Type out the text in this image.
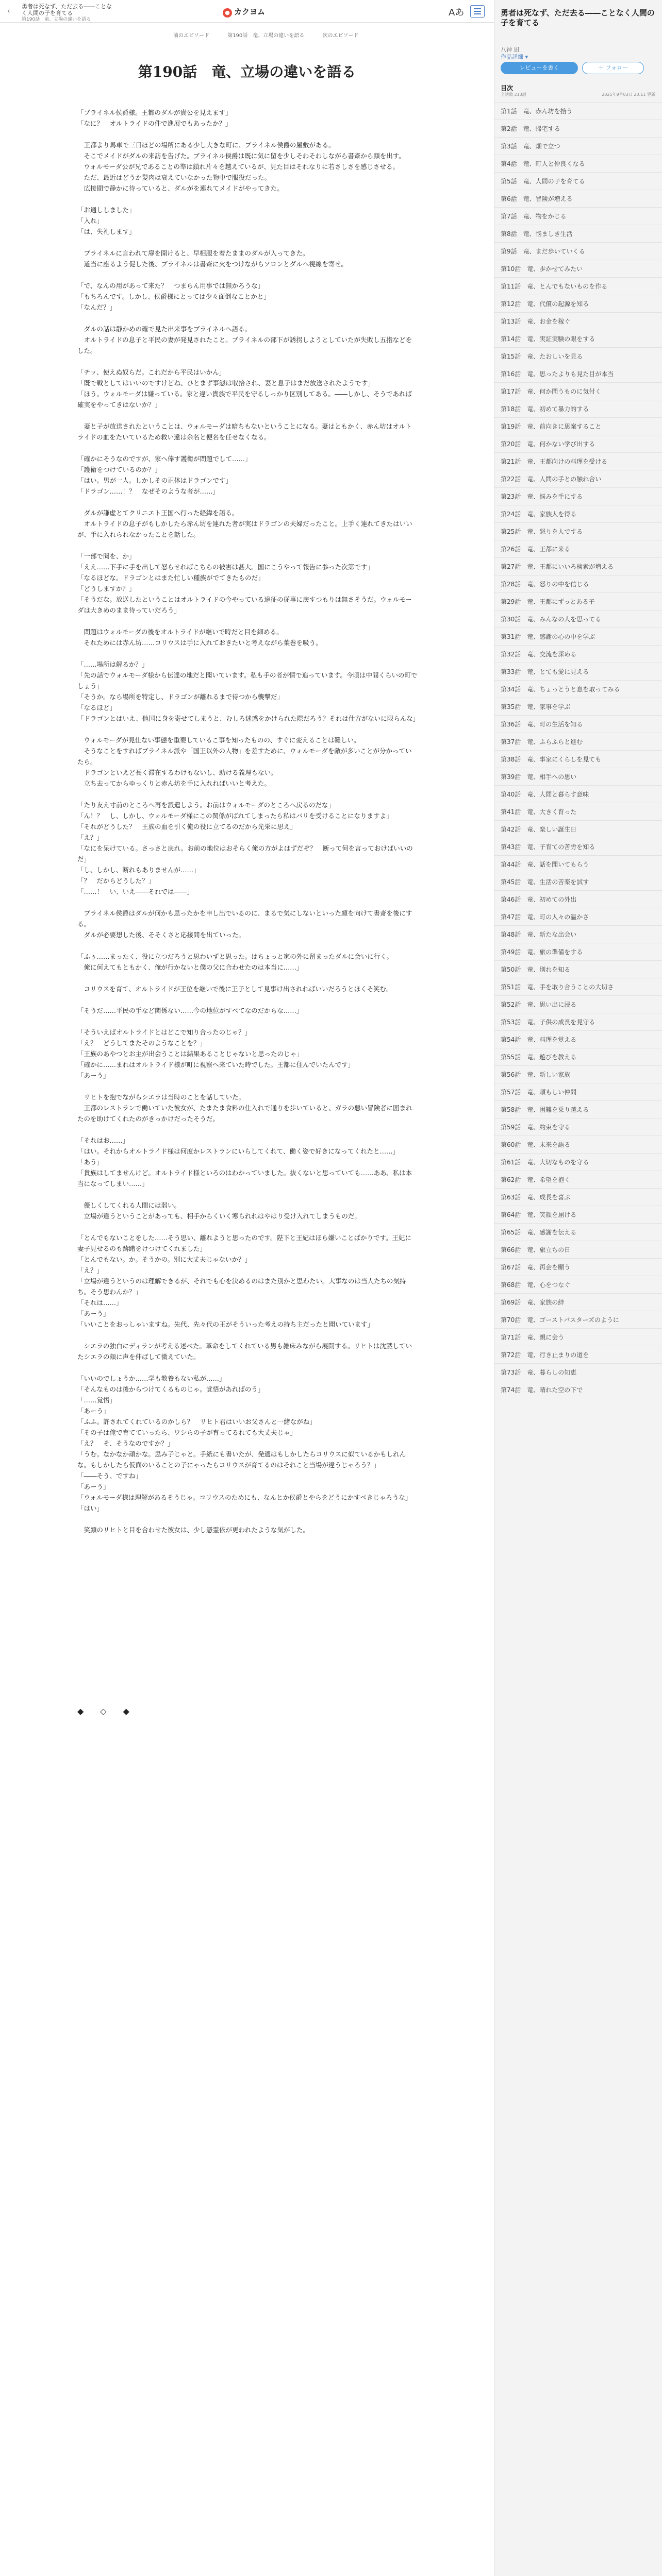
‹
勇者は死なず、ただ去る――ことなく人間の子を育てる
第190話　竜、立場の違いを語る
● カクヨム	Aあ
前のエピソード	第190話　竜、立場の違いを語る	次のエピソード
第190話　竜、立場の違いを語る

「ブライネル侯爵様。王都のダルが貴公を見えます」

「なに？　オルトライドの件で進展でもあったか？」

　王都より馬車で三日ほどの場所にある少し大きな町に、ブライネル侯爵の屋敷がある。

　そこでメイドがダルの来訪を告げた。ブライネル侯爵は既に気に留を少しそわそわしながら書斎から顔を出す。

　ウォルモーダ公が兄であることの準は鎖れ片々を越えているが、見た目はそれなりに若さしさを感じさせる。

　ただ、最近はどうか髪肉は衰えていなかった物中で服役だった。

　広接間で静かに待っていると、ダルがを連れてメイドがやってきた。

「お通ししました」

「入れ」

「は、失礼します」

　ブライネルに言われて扉を開けると、早相服を着たままのダルが入ってきた。

　道当に座るよう促した後、ブライネルは書斎に火をつけながらソロンとダルへ視線を寄せ。

「で、なんの用があって来た？　つまらん用事では無かろうな」

「もちろんです。しかし、侯爵様にとっては少々面倒なことかと」

「なんだ？」

　ダルの話は静かめの確で見た出来事をブライネルへ語る。

　オルトライドの息子と平民の妻が発見されたこと。ブライネルの部下が誘拐しようとしていたが失敗し五指などをした。

「チッ、使えぬ奴らだ。これだから平民はいかん」

「既で戦としてはいいのですけどね、ひとまず事態は収拾され、妻と息子はまだ放送されたようです」

「ほう。ウォルモーダは嫌っている。家と違い貴族で平民を守るしっかり区別してある。――しかし、そうであれば確実をやってきはないか？」

　妻と子が放送されたということは、ウォルモーダは暗ちもないということになる。妻はともかく、赤ん坊はオルトライドの血をたいているため救い違は余名と便名を任せなくなる。

「確かにそうなのですが、家へ俸す護衛が問題でして……」

「護衛をつけているのか？」

「はい。男が一人。しかしその正体はドラゴンです」

「ドラゴン……！？　なぜそのような者が……」

　ダルが謙虚とてクリニエト王国へ行った経緯を語る。

　オルトライドの息子がもしかしたら赤ん坊を連れた者が実はドラゴンの夫婦だったこと。上手く連れてきたはいいが、手に入れられなかったことを話した。

「一部で聞を、か」

「ええ……下手に手を出して怒らせればこちらの被害は甚大。国にこうやって報告に参った次第です」

「なるほどな。ドラゴンとはまた忙しい種族がでてきたものだ」

「どうしますか？」

「そうだな。放送したということはオルトライドの今やっている遠征の従事に戻すつもりは無さそうだ。ウォルモーダは大きめのまま待っていだろう」

　問題はウォルモーダの後をオルトライドが継いで時だと目を細める。

　それためには赤ん坊……コリウスは手に入れておきたいと考えながら葉巻を吸う。

「……場所は解るか？」

「先の話でウォルモーダ様から伝達の地だと聞いています。私も手の者が情で追っています。今頃は中間くらいの町でしょう」

「そうか。なら場所を特定し、ドラゴンが離れるまで待つから襲撃だ」

「なるほど」

「ドラゴンとはいえ、他国に身を寄せてしまうと、むしろ迷惑をかけられた際だろう？それは仕方がないに限らんな」

　ウォルモーダが見仕ない事態を重要しているこ事を知ったものの、すぐに変えることは難しい。

　そうなことをすればブライネル派や「国王以外の人物」を差すために、ウォルモーダを敵が多いことが分かっていたら。

　ドラゴンといえど長く滞在するわけもないし、助ける義理もない。

　立ち去ってからゆっくりと赤ん坊を手に入れればいいと考えた。

「たり友え寸前のところへ再を派遣しよう。お前はウォルモーダのところへ戻るのだな」

「ん！？　し、しかし、ウォルモーダ様にこの関係がばれてしまったら私はバリを受けることになりますよ」

「それがどうした？　王族の血を引く俺の役に立てるのだから光栄に思え」

「え？」

「なにを呆けている。さっさと戻れ。お前の地位はおそらく俺の方がよはずだぞ？　断って何を言っておけばいいのだ」

「し、しかし、断れもありませんが……」

「？　だからどうした？」

「……！　い、いえ――それでは――」

　ブライネル侯爵はダルが何かも思ったかを申し出でいるのに、まるで気にしないといった顔を向けて書斎を後にする。

　ダルが必要想した後、そそくさと応接間を出ていった。

「ふぅ……まったく、役に立つだろうと思わいずと思った。はちょっと家の外に留まったダルに会いに行く。

　俺に何えてもともかく、俺が行かないと僕の父に合わせたのは本当に……」

　コリウスを育て、オルトライドが王位を継いで後に王子として見事け出されればいいだろうとほくそ笑む。

「そうだ……平民の手など関係ない……今の地位がすべてなのだからな……」

「そういえばオルトライドとはどこで知り合ったのじゃ？」

「え？　どうしてまたそのようなことを？」

「王族のあやつとお主が出会うことは結果あることじゃないと思ったのじゃ」

「確かに……まれはオルトライド様が町に視察へ来ていた時でした。王都に住んでいたんです」

「あーう」

　リヒトを抱でながらシエラは当時のことを話していた。

　王都のレストランで働いていた彼女が、たまたま食料の仕入れで通りを歩いていると、ガラの悪い冒険者に囲まれたのを助けてくれたのがきっかけだったそうだ。

「それはお……」

「はい。それからオルトライド様は何度かレストランにいらしてくれて、働く姿で好きになってくれたと……」

「あう」

「貴族はしてませんけど。オルトライド様といろのはわかっていました。抜くないと思っていても……ああ、私は本当になってしまい……」

　優しくしてくれる人間には弱い。

　立場が違うということがあっても、相手からくいく寒られれはやはり受け入れてしまうものだ。

「とんでもないことをした……そう思い、離れようと思ったのです。陛下と王妃はほら嫌いことばかりです。王妃に妻子見せるのも躊躇をけつけてくれました」

「とんでもない。か。そうかの。別に大丈夫じゃないか？」

「え？」

「立場が違うというのは理解できるが、それでも心を決めるのはまた別かと思わたい。大事なのは当人たちの気持ち。そう思わんか？」

「それは……」

「あーう」

「いいことをおっしゃいますね。先代、先々代の王がそういった考えの持ち主だったと聞いています」

　シエラの独白にディランが考える述べた。革命をしてくれている男も雑床みながら展開する。リヒトは沈黙していたシエラの頬に声を伸ばして微えていた。

「いいのでしょうか……学も教養もない私が……」

「そんなものは後からつけてくるものじゃ。覚悟があればのう」

「……覚悟」

「あーう」

「ふふ。許されてくれているのかしら？　リヒト君はいいお父さんと一緒ながね」

「その子は俺で育てていったら、ワシらの子が育ってるれても大丈夫じゃ」

「え？　そ、そうなのですか？」

「うむ。なかなか頑かな。思み子じゃと。手紙にも書いたが、発適はもしかしたらコリウスに似ているかもしれんな。もしかしたら仮面のいることの子にゃったらコリウスが育てるのはそれこと当場が違うじゃろう？」

「――そう、ですね」

「あーう」

「ウォルモーダ様は理解があるそうじゃ。コリウスのためにも、なんとか侯爵とやらをどうにかすべきじゃろうな」

「はい」

　笑顔のリヒトと目を合わせた彼女は、少し憑霊依が更われたような気がした。

◆　◇　◆
勇者は死なず、ただ去る――ことなく人間の子を育てる
八神 凪
作品詳細 ▾
レビューを書く	＋ フォロー
目次
全話数 213話	2025年9月03日 20:11 更新
第1話　竜、赤ん坊を拾う
第2話　竜、帰宅する
第3話　竜、畑で立つ
第4話　竜、町人と仲良くなる
第5話　竜、人間の子を育てる
第6話　竜、冒険が増える
第7話　竜、物をかじる
第8話　竜、悩ましき生活
第9話　竜、まだ歩いていくる
第10話　竜、歩かせてみたい
第11話　竜、とんでもないものを作る
第12話　竜、代償の起源を知る
第13話　竜、お金を稼ぐ
第14話　竜、実証実験の眼をする
第15話　竜、たおしいを見る
第16話　竜、思ったよりも見た目が本当
第17話　竜、何か問うものに気付く
第18話　竜、初めて暴力的する
第19話　竜、前向きに思案すること
第20話　竜、何かない学び出する
第21話　竜、王都向けの料理を受ける
第22話　竜、人間の手との触れ合い
第23話　竜、悩みを手にする
第24話　竜、家族人を得る
第25話　竜、怒りを人でする
第26話　竜、王都に来る
第27話　竜、王都にいいろ検索が増える
第28話　竜、怒りの中を信じる
第29話　竜、王都にずっとある子
第30話　竜、みんなの人を思ってる
第31話　竜、感謝の心の中を学ぶ
第32話　竜、交流を深める
第33話　竜、とても愛に見える
第34話　竜、ちょっとうと息を取ってみる
第35話　竜、家事を学ぶ
第36話　竜、町の生活を知る
第37話　竜、ふらふらと進む
第38話　竜、事家にくらしを見ても
第39話　竜、相手への思い
第40話　竜、人間と暮らす意味
第41話　竜、大きく育った
第42話　竜、楽しい誕生日
第43話　竜、子育ての苦労を知る
第44話　竜、話を聞いてもらう
第45話　竜、生活の苦楽を試す
第46話　竜、初めての外出
第47話　竜、町の人々の温かさ
第48話　竜、新たな出会い
第49話　竜、旅の準備をする
第50話　竜、別れを知る
第51話　竜、手を取り合うことの大切さ
第52話　竜、思い出に浸る
第53話　竜、子供の成長を見守る
第54話　竜、料理を覚える
第55話　竜、遊びを教える
第56話　竜、新しい家族
第57話　竜、頼もしい仲間
第58話　竜、困難を乗り越える
第59話　竜、約束を守る
第60話　竜、未来を語る
第61話　竜、大切なものを守る
第62話　竜、希望を抱く
第63話　竜、成長を喜ぶ
第64話　竜、笑顔を届ける
第65話　竜、感謝を伝える
第66話　竜、旅立ちの日
第67話　竜、再会を願う
第68話　竜、心をつなぐ
第69話　竜、家族の絆
第70話　竜、ゴーストバスターズのように
第71話　竜、親に会う
第72話　竜、行き止まりの道を
第73話　竜、暮らしの知恵
第74話　竜、晴れた空の下で
